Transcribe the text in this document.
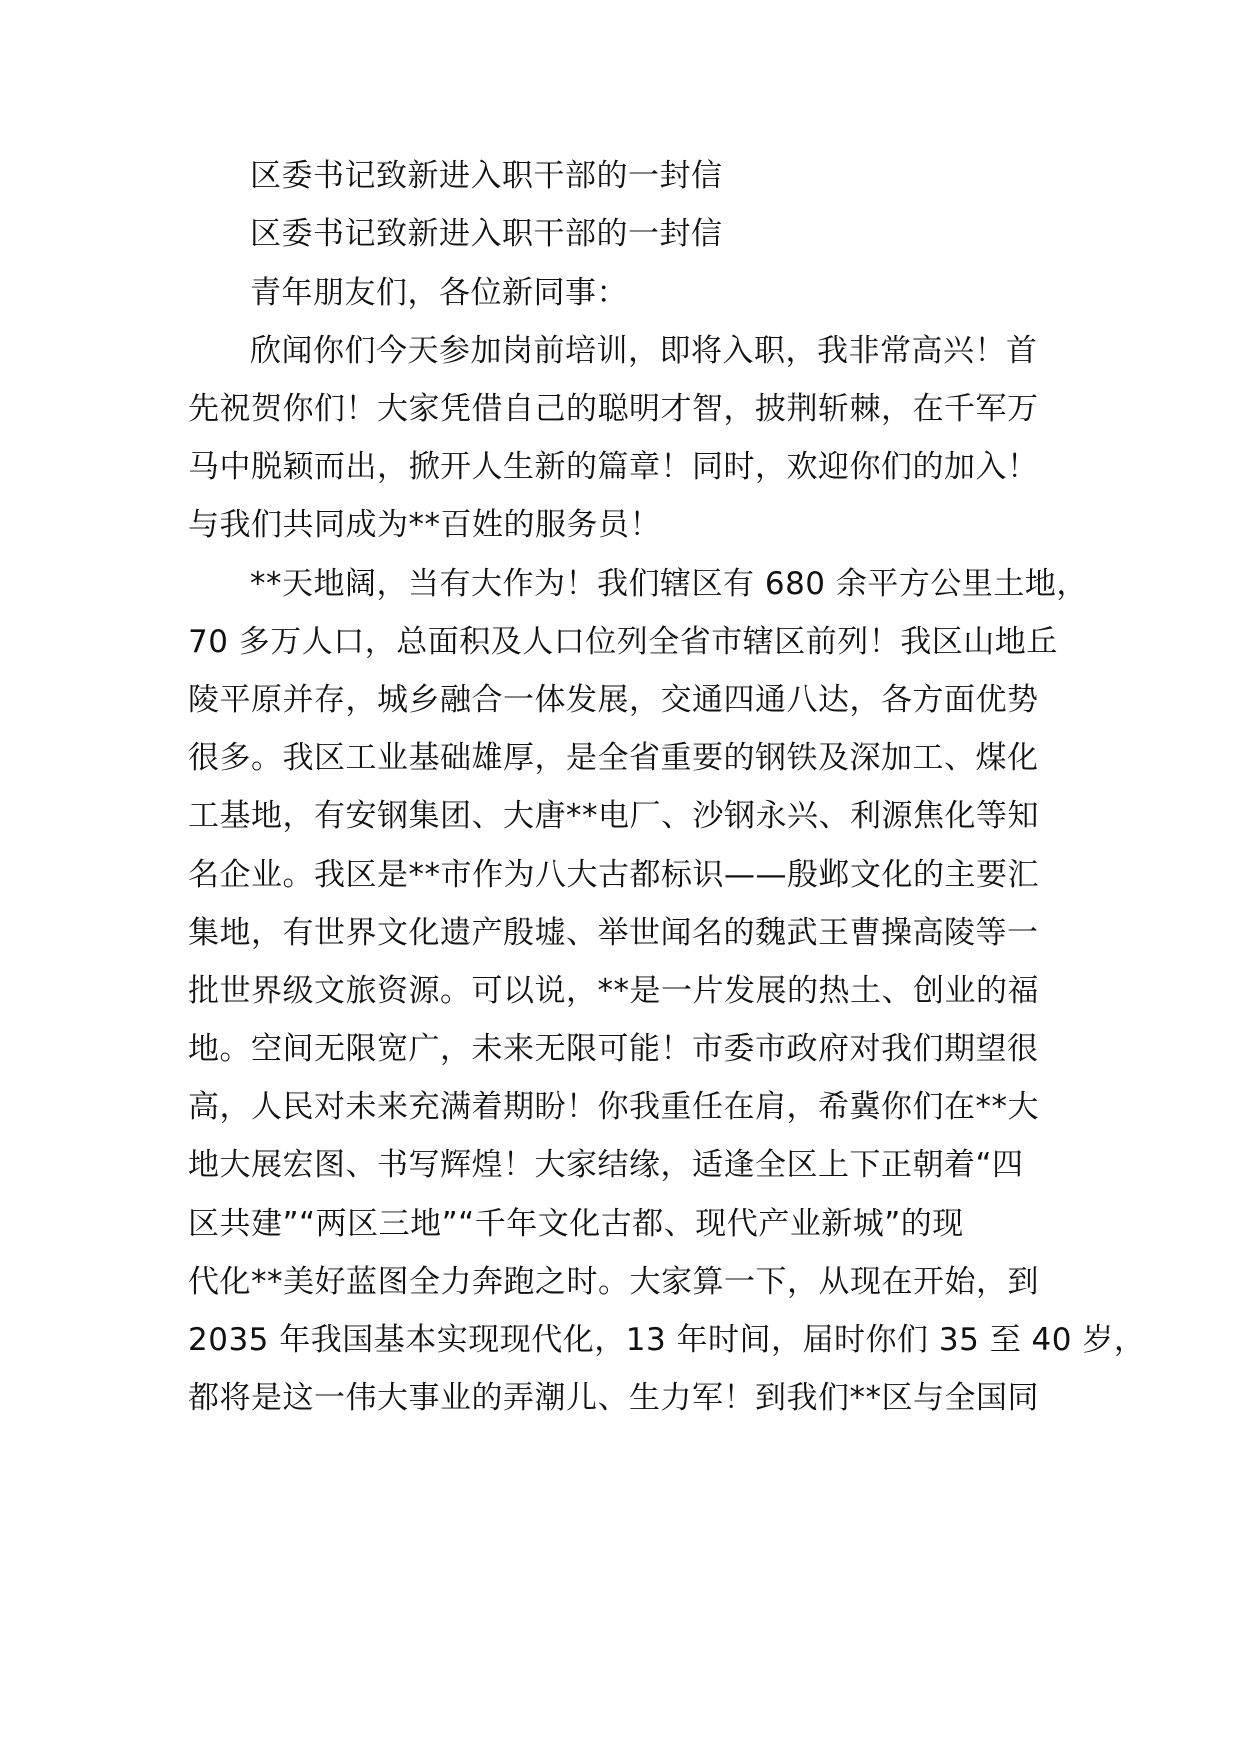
区委书记致新进入职干部的一封信
区委书记致新进入职干部的一封信
青年朋友们，各位新同事：
欣闻你们今天参加岗前培训，即将入职，我非常高兴！首
先祝贺你们！大家凭借自己的聪明才智，披荆斩棘，在千军万
马中脱颖而出，掀开人生新的篇章！同时，欢迎你们的加入！
与我们共同成为**百姓的服务员！
**天地阔，当有大作为！我们辖区有 680 余平方公里土地，
70 多万人口，总面积及人口位列全省市辖区前列！我区山地丘
陵平原并存，城乡融合一体发展，交通四通八达，各方面优势
很多。我区工业基础雄厚，是全省重要的钢铁及深加工、煤化
工基地，有安钢集团、大唐**电厂、沙钢永兴、利源焦化等知
名企业。我区是**市作为八大古都标识——殷邺文化的主要汇
集地，有世界文化遗产殷墟、举世闻名的魏武王曹操高陵等一
批世界级文旅资源。可以说，**是一片发展的热土、创业的福
地。空间无限宽广，未来无限可能！市委市政府对我们期望很
高，人民对未来充满着期盼！你我重任在肩，希冀你们在**大
地大展宏图、书写辉煌！大家结缘，适逢全区上下正朝着“四
区共建”“两区三地”“千年文化古都、现代产业新城”的现
代化**美好蓝图全力奔跑之时。大家算一下，从现在开始，到
2035 年我国基本实现现代化，13 年时间，届时你们 35 至 40 岁，
都将是这一伟大事业的弄潮儿、生力军！到我们**区与全国同
